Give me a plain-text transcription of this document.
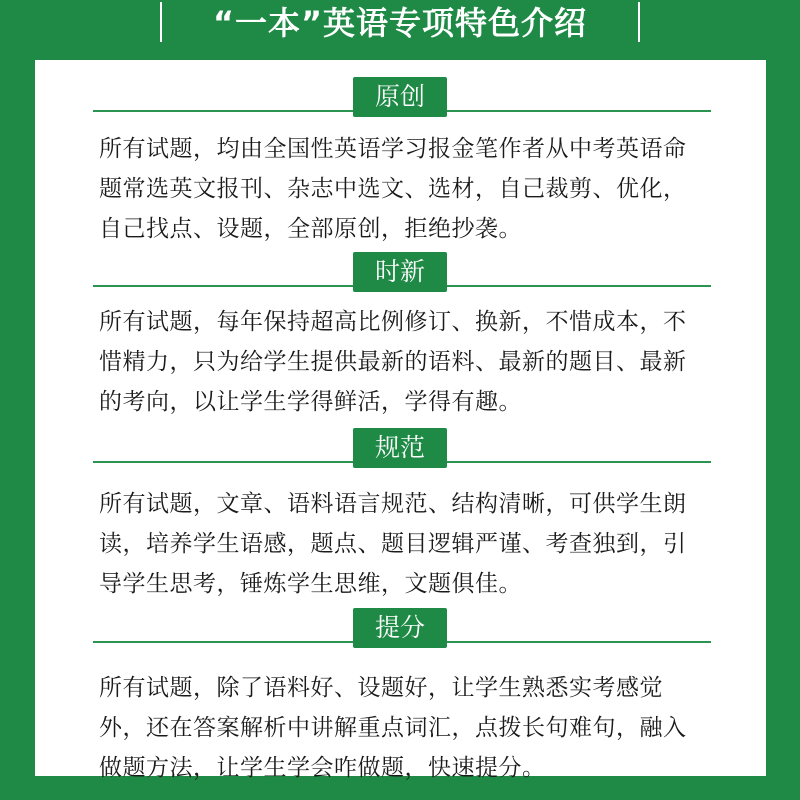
“一本”英语专项特色介绍
原创

所有试题，均由全国性英语学习报金笔作者从中考英语命

题常选英文报刊、杂志中选文、选材，自己裁剪、优化，

自己找点、设题，全部原创，拒绝抄袭。

时新

所有试题，每年保持超高比例修订、换新，不惜成本，不

惜精力，只为给学生提供最新的语料、最新的题目、最新

的考向，以让学生学得鲜活，学得有趣。

规范

所有试题，文章、语料语言规范、结构清晰，可供学生朗

读，培养学生语感，题点、题目逻辑严谨、考查独到，引

导学生思考，锤炼学生思维，文题俱佳。

提分

所有试题，除了语料好、设题好，让学生熟悉实考感觉

外，还在答案解析中讲解重点词汇，点拨长句难句，融入

做题方法，让学生学会咋做题，快速提分。
